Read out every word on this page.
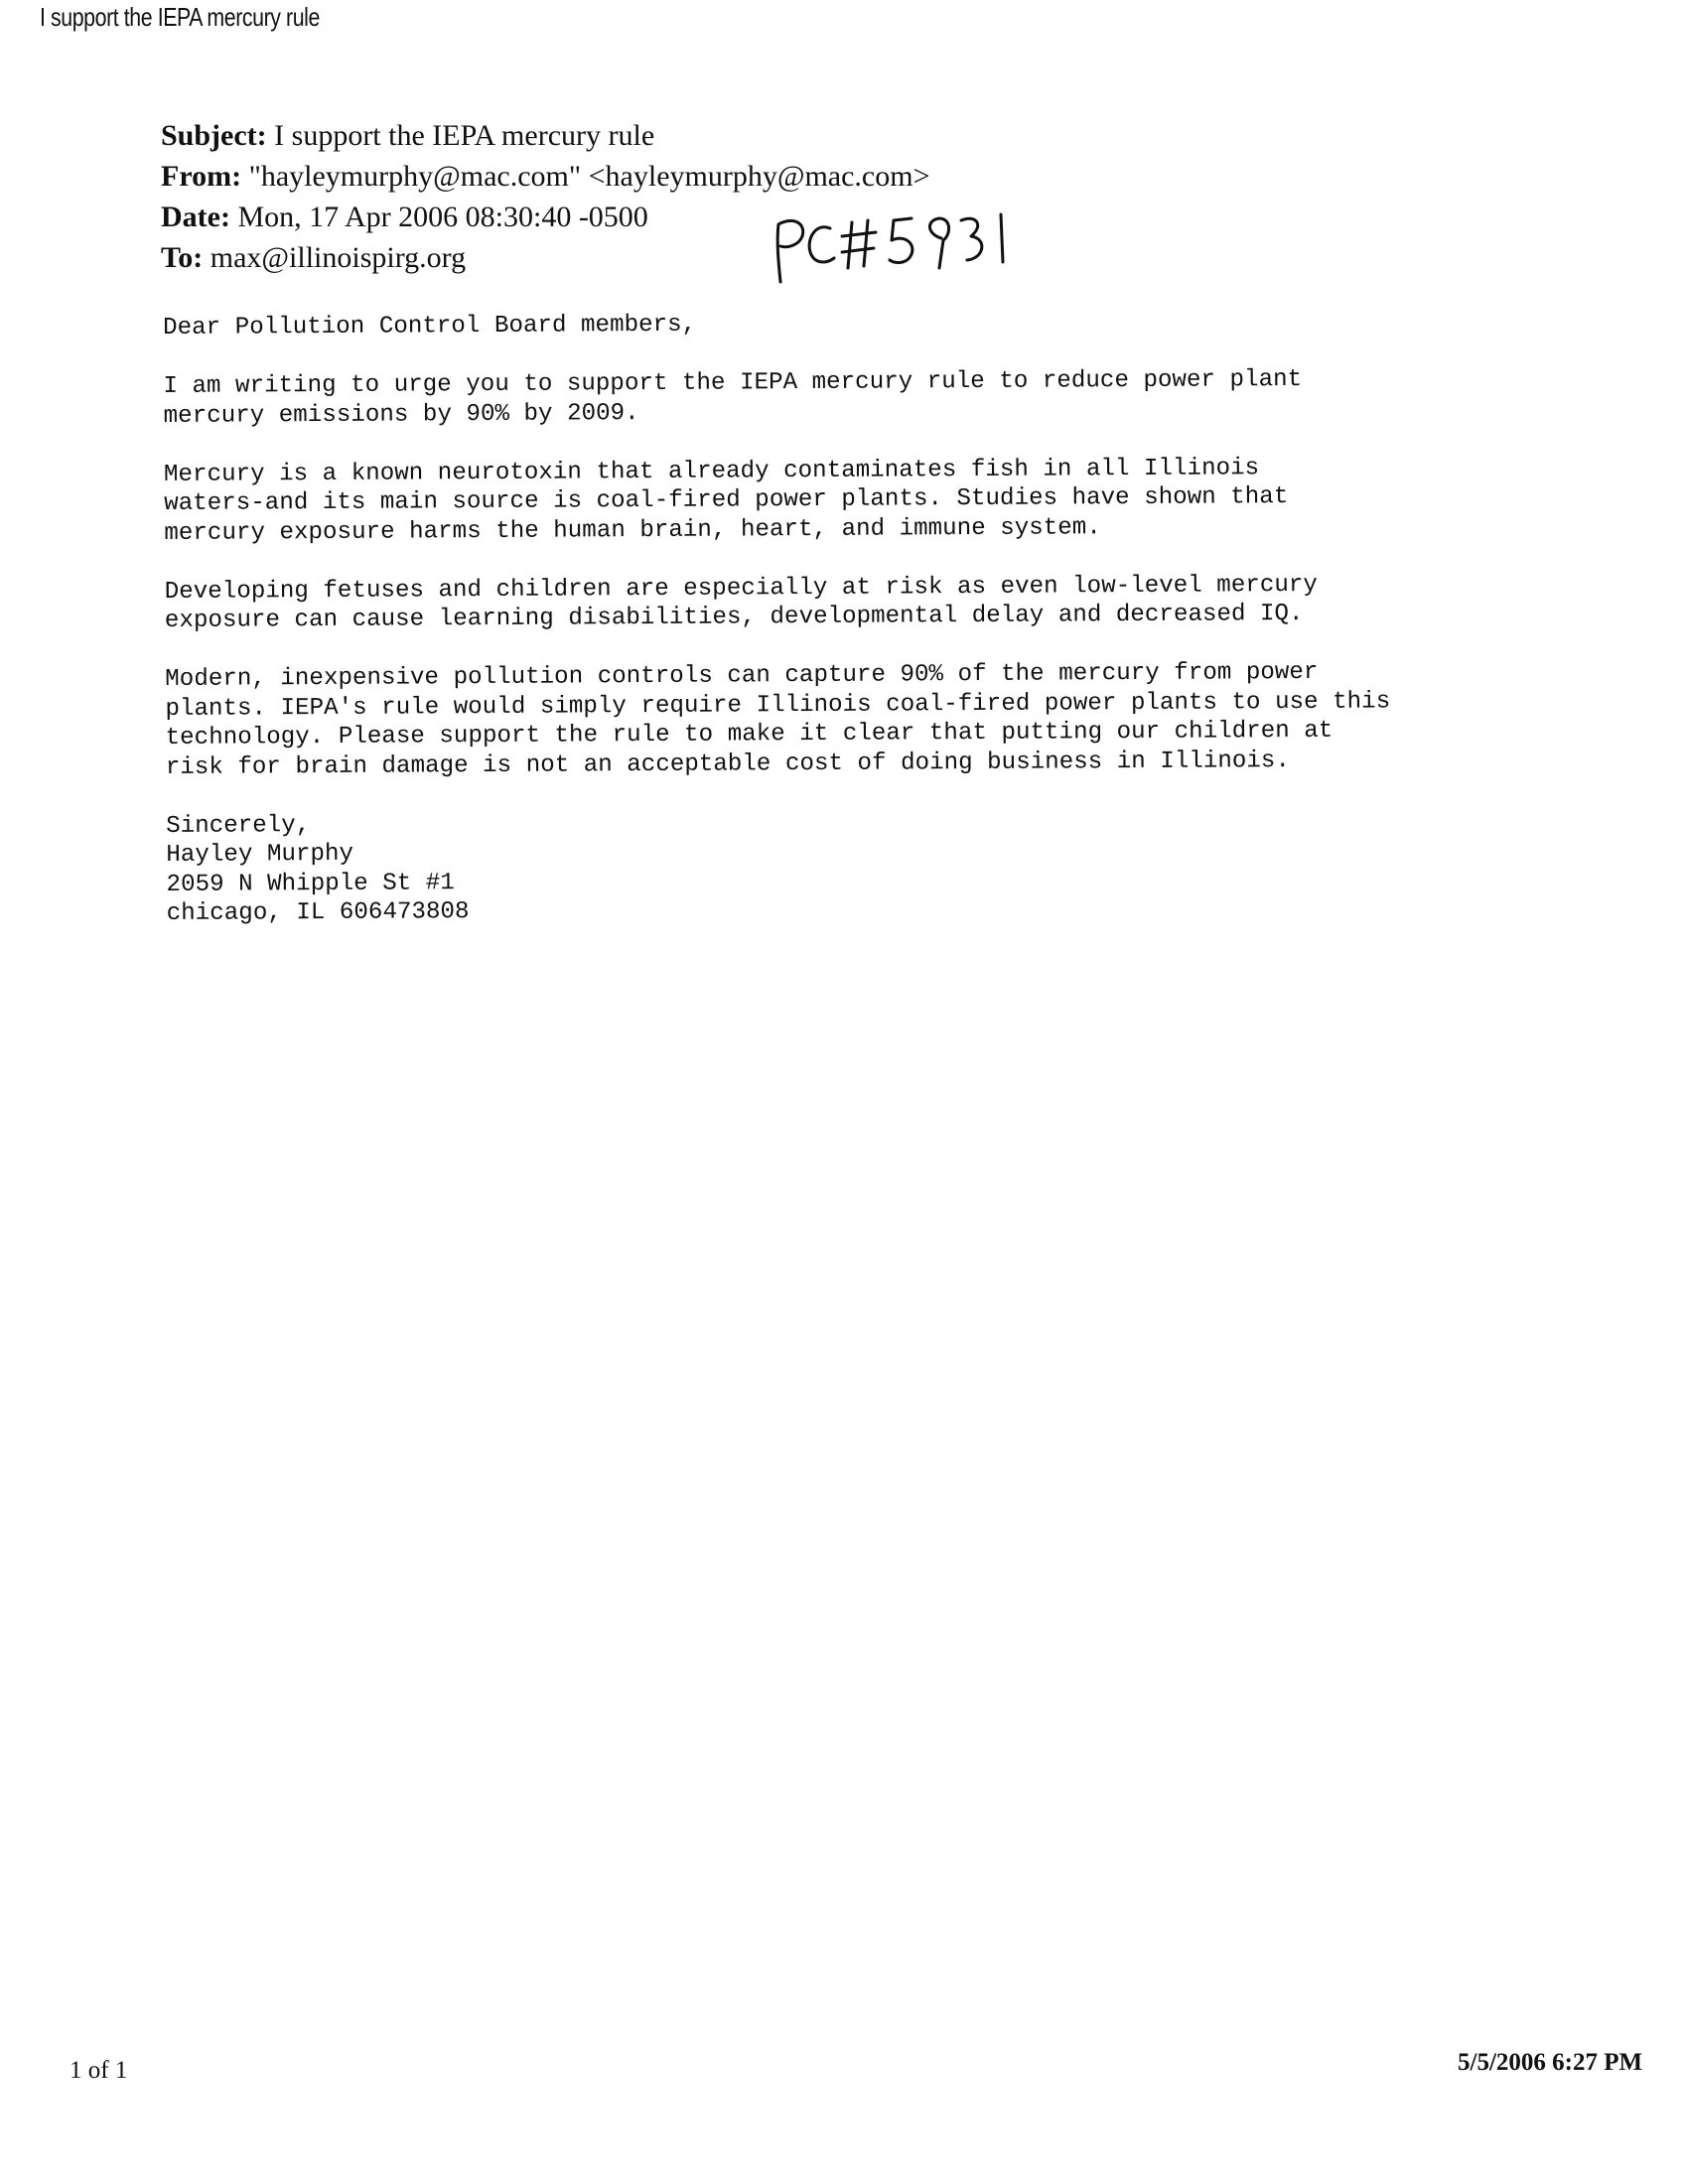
I support the IEPA mercury rule
Subject: I support the IEPA mercury rule
From: "hayleymurphy@mac.com" <hayleymurphy@mac.com>
Date: Mon, 17 Apr 2006 08:30:40 -0500
To: max@illinoispirg.org

Dear Pollution Control Board members,

I am writing to urge you to support the IEPA mercury rule to reduce power plant
mercury emissions by 90% by 2009.

Mercury is a known neurotoxin that already contaminates fish in all Illinois
waters-and its main source is coal-fired power plants. Studies have shown that
mercury exposure harms the human brain, heart, and immune system.

Developing fetuses and children are especially at risk as even low-level mercury
exposure can cause learning disabilities, developmental delay and decreased IQ.

Modern, inexpensive pollution controls can capture 90% of the mercury from power
plants. IEPA's rule would simply require Illinois coal-fired power plants to use this
technology. Please support the rule to make it clear that putting our children at
risk for brain damage is not an acceptable cost of doing business in Illinois.

Sincerely,
Hayley Murphy
2059 N Whipple St #1
chicago, IL 606473808
1 of 1	5/5/2006 6:27 PM
